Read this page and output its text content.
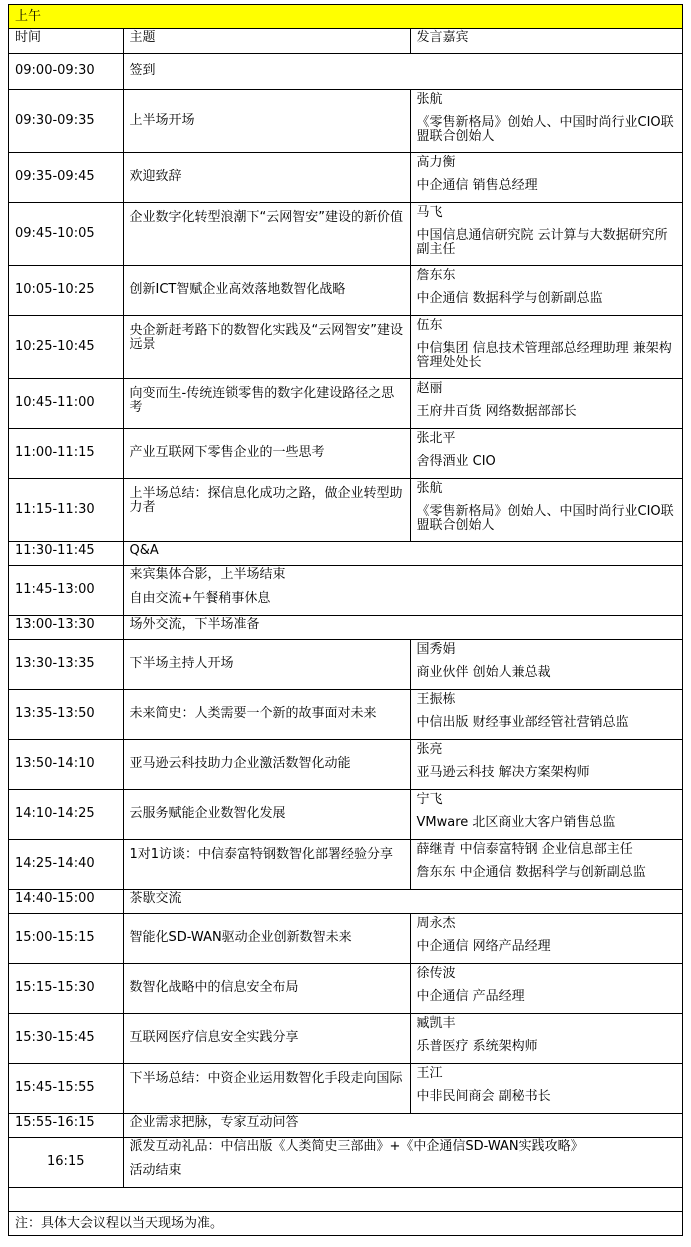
上午
时间	主题	发言嘉宾
09:00-09:30	签到	
09:30-09:35	上半场开场	张航
《零售新格局》创始人、中国时尚行业CIO联盟联合创始人

09:35-09:45	欢迎致辞	高力衡
中企通信 销售总经理

09:45-10:05	企业数字化转型浪潮下“云网智安”建设的新价值	马飞
中国信息通信研究院 云计算与大数据研究所副主任

10:05-10:25	创新ICT智赋企业高效落地数智化战略	詹东东
中企通信 数据科学与创新副总监

10:25-10:45	央企新赶考路下的数智化实践及“云网智安”建设远景	伍东
中信集团 信息技术管理部总经理助理 兼架构管理处处长

10:45-11:00	向变而生-传统连锁零售的数字化建设路径之思考	赵丽
王府井百货 网络数据部部长

11:00-11:15	产业互联网下零售企业的一些思考	张北平
舍得酒业 CIO

11:15-11:30	上半场总结：探信息化成功之路，做企业转型助力者	张航
《零售新格局》创始人、中国时尚行业CIO联盟联合创始人

11:30-11:45	Q&A	
11:45-13:00	来宾集体合影，上半场结束
自由交流+午餐稍事休息	

13:00-13:30	场外交流，下半场准备	
13:30-13:35	下半场主持人开场	国秀娟
商业伙伴 创始人兼总裁

13:35-13:50	未来简史：人类需要一个新的故事面对未来	王振栋
中信出版 财经事业部经管社营销总监

13:50-14:10	亚马逊云科技助力企业激活数智化动能	张亮
亚马逊云科技 解决方案架构师

14:10-14:25	云服务赋能企业数智化发展	宁飞
VMware 北区商业大客户销售总监

14:25-14:40	1对1访谈：中信泰富特钢数智化部署经验分享	薛继青 中信泰富特钢 企业信息部主任
詹东东 中企通信 数据科学与创新副总监

14:40-15:00	茶歇交流	
15:00-15:15	智能化SD-WAN驱动企业创新数智未来	周永杰
中企通信 网络产品经理

15:15-15:30	数智化战略中的信息安全布局	徐传波
中企通信 产品经理

15:30-15:45	互联网医疗信息安全实践分享	臧凯丰
乐普医疗 系统架构师

15:45-15:55	下半场总结：中资企业运用数智化手段走向国际	王江
中非民间商会 副秘书长

15:55-16:15	企业需求把脉，专家互动问答	
16:15	派发互动礼品：中信出版《人类简史三部曲》+《中企通信SD-WAN实践攻略》
活动结束	
注：具体大会议程以当天现场为准。
